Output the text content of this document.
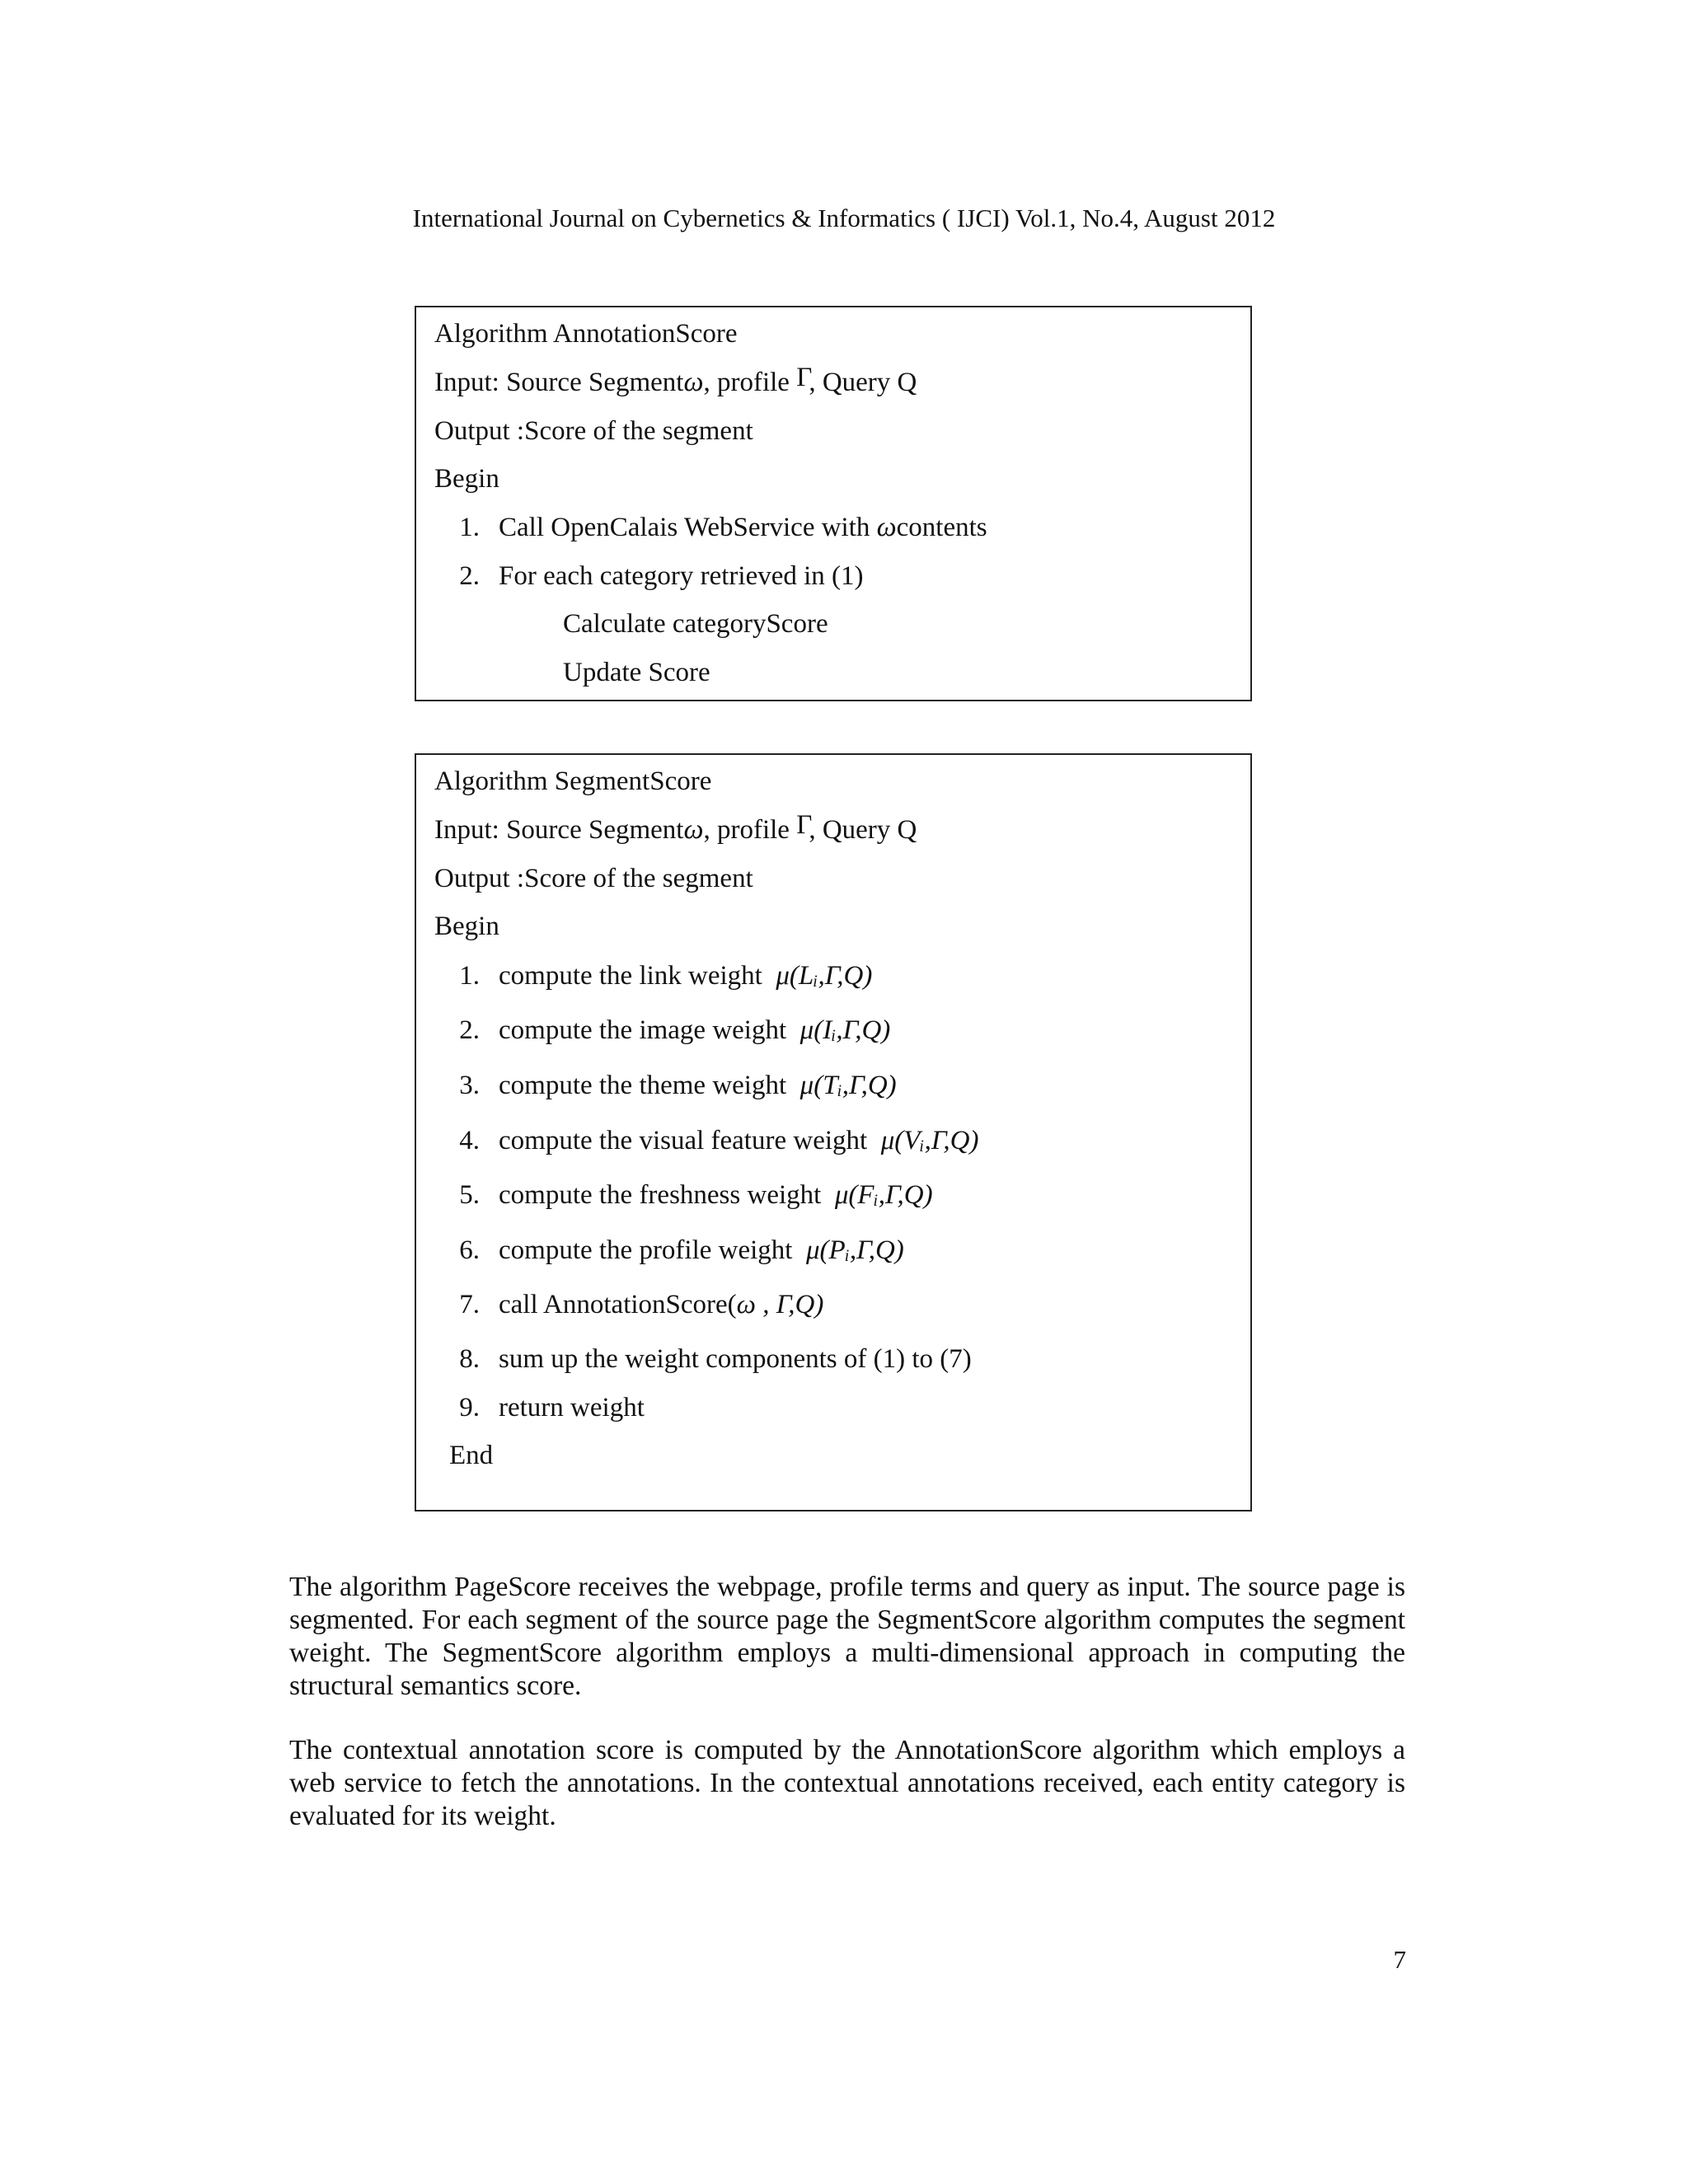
International Journal on Cybernetics & Informatics ( IJCI) Vol.1, No.4, August 2012
Algorithm AnnotationScore
Input: Source Segmentω, profile Γ, Query Q
Output :Score of the segment
Begin
1. Call OpenCalais WebService with ωcontents
2. For each category retrieved in (1)
Calculate categoryScore
Update Score
Algorithm SegmentScore
Input: Source Segmentω, profile Γ, Query Q
Output :Score of the segment
Begin
1. compute the link weight μ(Lᵢ,Γ,Q)
2. compute the image weight μ(Iᵢ,Γ,Q)
3. compute the theme weight μ(Tᵢ,Γ,Q)
4. compute the visual feature weight μ(Vᵢ,Γ,Q)
5. compute the freshness weight μ(Fᵢ,Γ,Q)
6. compute the profile weight μ(Pᵢ,Γ,Q)
7. call AnnotationScore(ω , Γ,Q)
8. sum up the weight components of (1) to (7)
9. return weight
End
The algorithm PageScore receives the webpage, profile terms and query as input. The source page is segmented. For each segment of the source page the SegmentScore algorithm computes the segment weight. The SegmentScore algorithm employs a multi-dimensional approach in computing the structural semantics score.
The contextual annotation score is computed by the AnnotationScore algorithm which employs a web service to fetch the annotations. In the contextual annotations received, each entity category is evaluated for its weight.
7
